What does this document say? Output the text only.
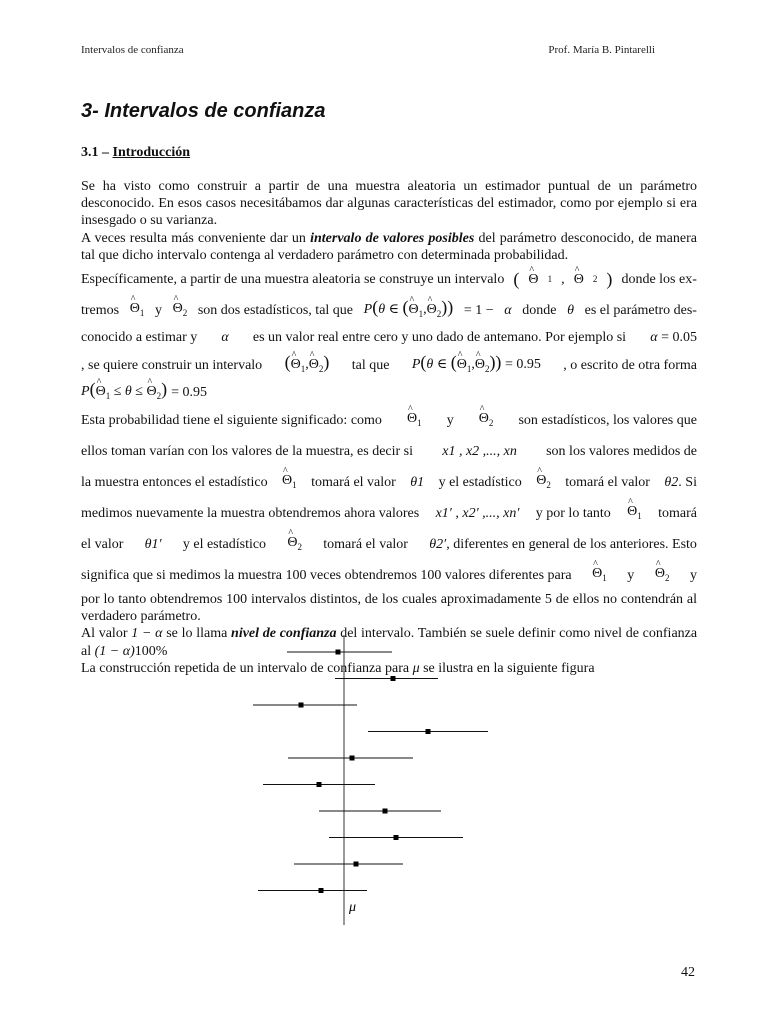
Intervalos de confianza	Prof. María B. Pintarelli
3- Intervalos de confianza
3.1 – Introducción

Se ha visto como construir a partir de una muestra aleatoria un estimador puntual de un parámetro desconocido. En esos casos necesitábamos dar algunas características del estimador, como por ejemplo si era insesgado o su varianza.

A veces resulta más conveniente dar un intervalo de valores posibles del parámetro desconocido, de manera tal que dicho intervalo contenga al verdadero parámetro con determinada probabilidad.

Específicamente, a partir de una muestra aleatoria se construye un intervalo ( ^ Θ 1 , ^ Θ 2 ) donde los ex-
tremos ^ $\Theta_1$ y ^ $\Theta_2$ son dos estadísticos, tal que P(θ ∈ (^ $\Theta_1,\^{}$ $\Theta_2)) = 1 - \alpha$ donde θ es el parámetro des-
conocido a estimar y α es un valor real entre cero y uno dado de antemano. Por ejemplo si α = 0.05
, se quiere construir un intervalo (^ $\Theta_1,\^{}$ $\Theta_2$) tal que P(θ ∈ (^ $\Theta_1,\^{}$ $\Theta_2)) = 0.95$ , o escrito de otra forma
P(^ $\Theta_1 \le \theta$ ≤ ^ $\Theta_2) = 0.95$
Esta probabilidad tiene el siguiente significado: como ^ $\Theta_1$ y ^ $\Theta_2$ son estadísticos, los valores que
ellos toman varían con los valores de la muestra, es decir si x1 , x2 ,..., xn son los valores medidos de
la muestra entonces el estadístico ^ $\Theta_1$ tomará el valor θ1 y el estadístico ^ $\Theta_2$ tomará el valor θ2. Si
medimos nuevamente la muestra obtendremos ahora valores x1′ , x2′ ,..., xn′ y por lo tanto ^ $\Theta_1$ tomará
el valor θ1′ y el estadístico ^ $\Theta_2$ tomará el valor θ2′, diferentes en general de los anteriores. Esto
significa que si medimos la muestra 100 veces obtendremos 100 valores diferentes para ^ $\Theta_1$ y ^ $\Theta_2$ y

por lo tanto obtendremos 100 intervalos distintos, de los cuales aproximadamente 5 de ellos no contendrán al verdadero parámetro.

Al valor 1 − α se lo llama nivel de confianza del intervalo. También se suele definir como nivel de confianza al (1 − α)100%

La construcción repetida de un intervalo de confianza para μ se ilustra en la siguiente figura

μ
42
